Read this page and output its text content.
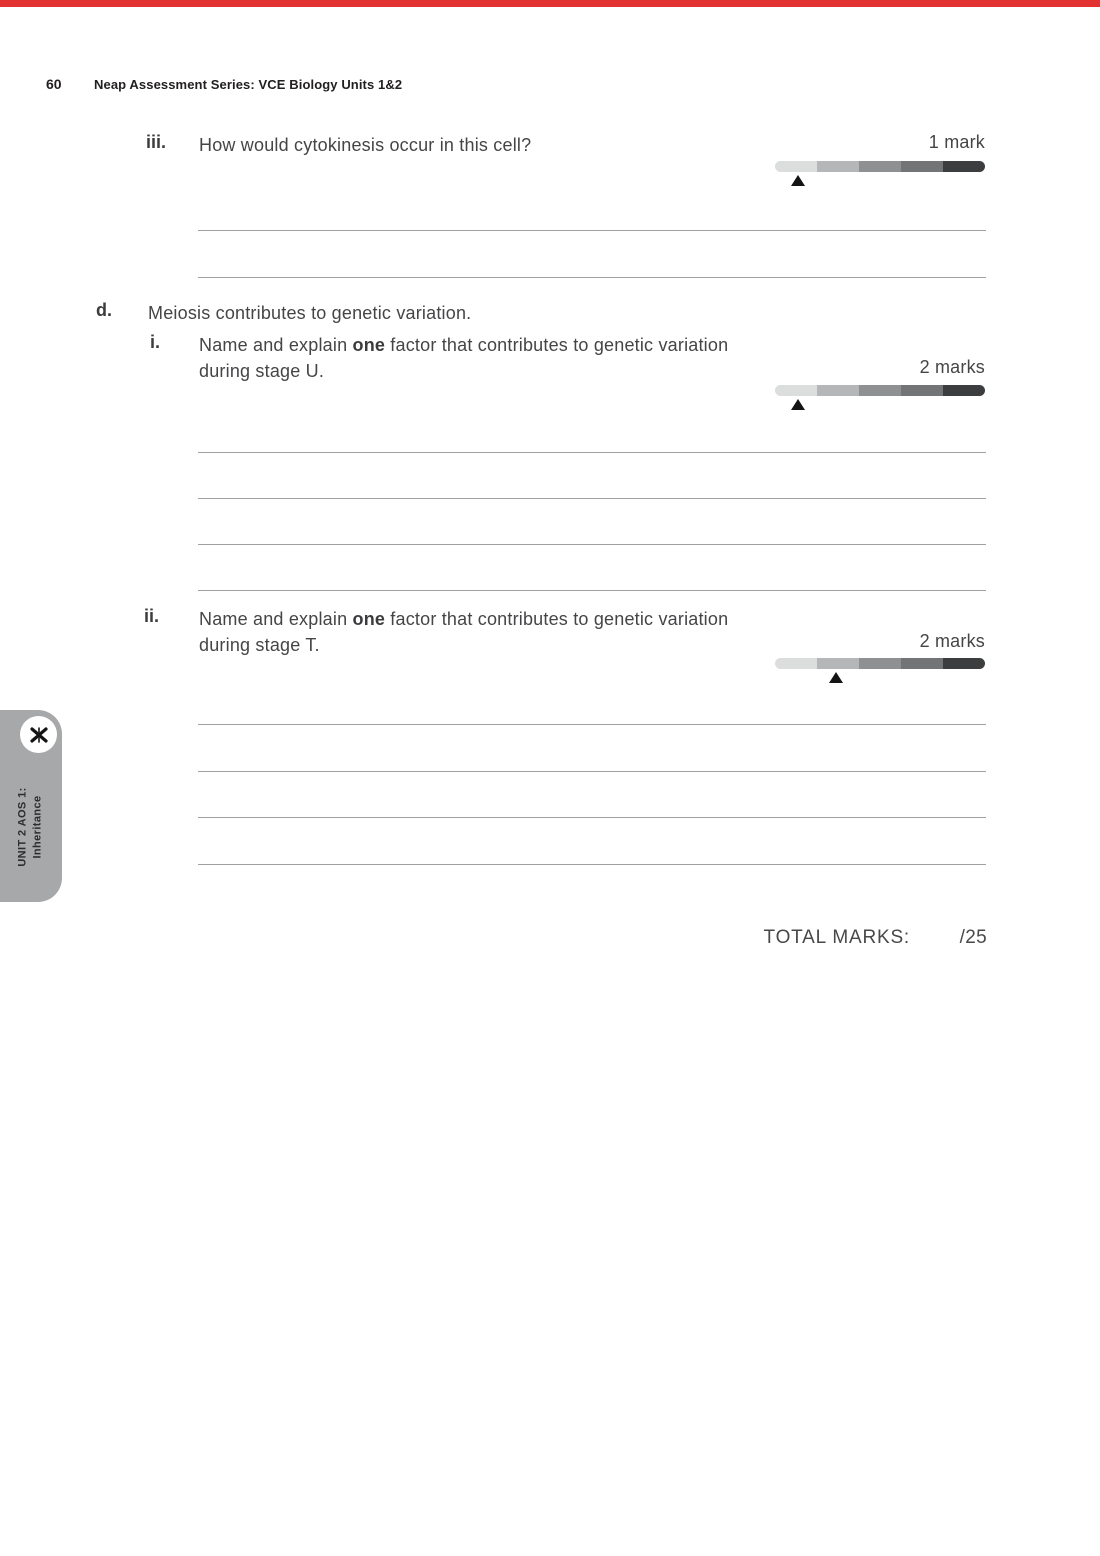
60 Neap Assessment Series: VCE Biology Units 1&2
iii. How would cytokinesis occur in this cell?	1 mark
d. Meiosis contributes to genetic variation.
i. Name and explain one factor that contributes to genetic variation
during stage U.	2 marks
ii. Name and explain one factor that contributes to genetic variation
during stage T.	2 marks
TOTAL MARKS:	/25
UNIT 2 AOS 1: Inheritance
